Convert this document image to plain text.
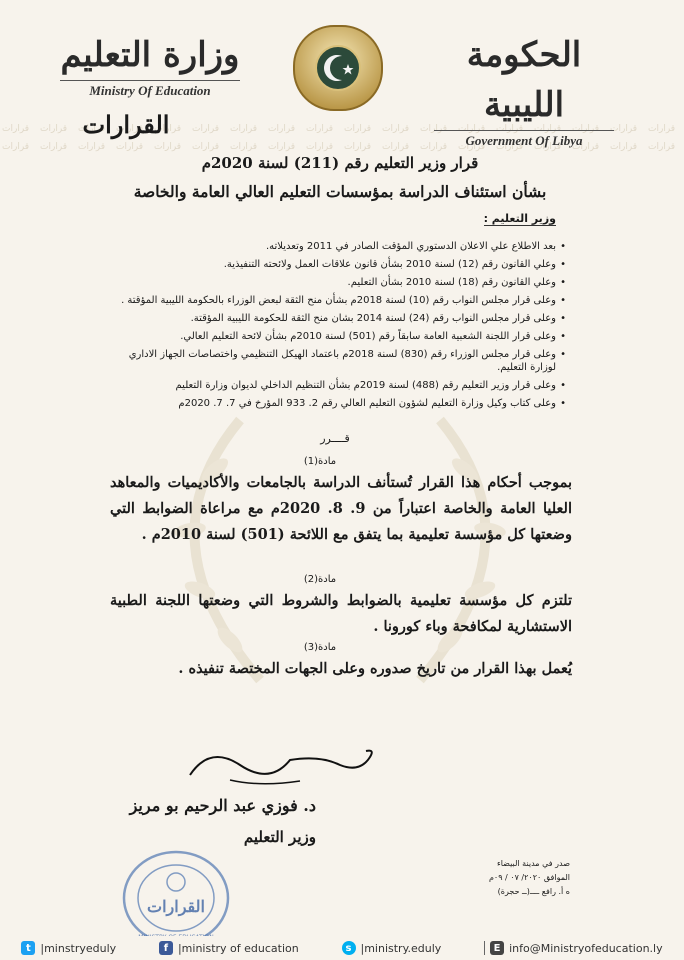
الحكومة الليبية
Government Of Libya
وزارة التعليم
Ministry Of Education
القرارات
قرار وزير التعليم رقم (211) لسنة 2020م
بشأن استئناف الدراسة بمؤسسات التعليم العالي العامة والخاصة
وزير التعليم :
• بعد الاطلاع علي الاعلان الدستوري المؤقت الصادر في 2011 وتعديلاته.
• وعلي القانون رقم (12) لسنة 2010 بشأن قانون علاقات العمل ولائحته التنفيذية.
• وعلي القانون رقم (18) لسنة 2010 بشأن التعليم.
• وعلى قرار مجلس النواب رقم (10) لسنة 2018م بشأن منح الثقة لبعض الوزراء بالحكومة الليبية المؤقتة .
• وعلى قرار مجلس النواب رقم (24) لسنة 2014 بشان منح الثقة للحكومة الليبية المؤقتة.
• وعلى قرار اللجنة الشعبية العامة سابقاً رقم (501) لسنة 2010م بشأن لائحة التعليم العالي.
• وعلى قرار مجلس الوزراء رقم (830) لسنة 2018م باعتماد الهيكل التنظيمي واختصاصات الجهاز الاداري لوزارة التعليم.
• وعلى قرار وزير التعليم رقم (488) لسنة 2019م بشأن التنظيم الداخلي لديوان وزارة التعليم
• وعلى كتاب وكيل وزارة التعليم لشؤون التعليم العالي رقم 2. 933 المؤرخ في 7. 7. 2020م
قــــرر
مادة(1)
بموجب أحكام هذا القرار تُستأنف الدراسة بالجامعات والأكاديميات والمعاهد العليا العامة والخاصة اعتباراً من 9. 8. 2020م مع مراعاة الضوابط التي وضعتها كل مؤسسة تعليمية بما يتفق مع اللائحة (501) لسنة 2010م .
مادة(2)
تلتزم كل مؤسسة تعليمية بالضوابط والشروط التي وضعتها اللجنة الطبية الاستشارية لمكافحة وباء كورونا .
مادة(3)
يُعمل بهذا القرار من تاريخ صدوره وعلى الجهات المختصة تنفيذه .
د. فوزي عبد الرحيم بو مريز
وزير التعليم
صدر في مدينة البيضاء
الموافق ٢٠٢٠/ ٠٧ / ٠٩م
ه أ. رافع ــــ(ــ حجرة)
القرارات
t |minstryeduly	f |ministry of education	s |ministry.eduly	E info@Ministryofeducation.ly
